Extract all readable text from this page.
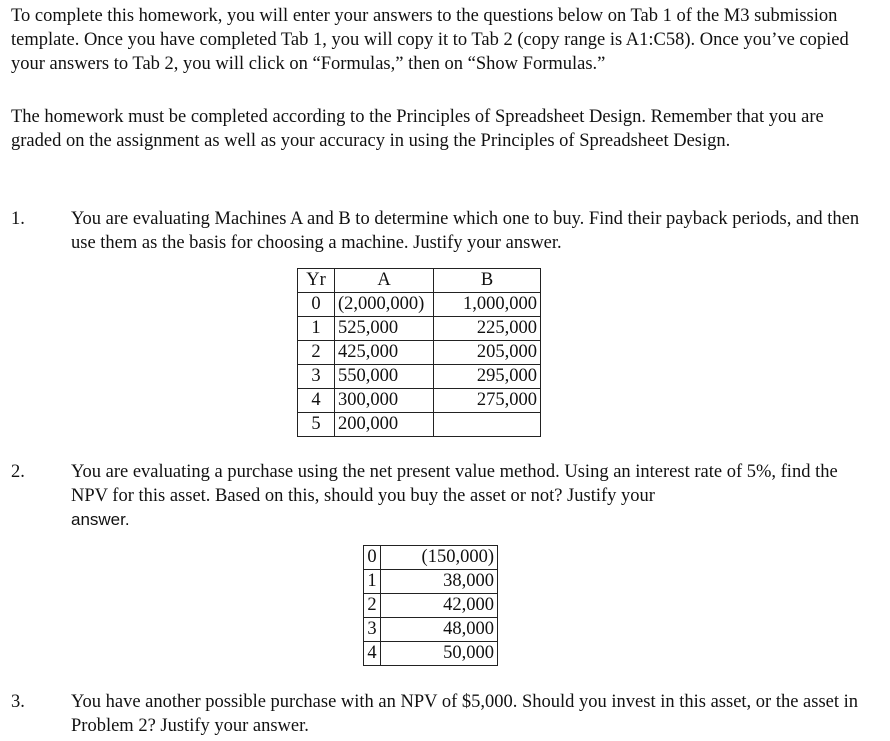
To complete this homework, you will enter your answers to the questions below on Tab 1 of the M3 submission template. Once you have completed Tab 1, you will copy it to Tab 2 (copy range is A1:C58). Once you’ve copied your answers to Tab 2, you will click on “Formulas,” then on “Show Formulas.”

The homework must be completed according to the Principles of Spreadsheet Design. Remember that you are graded on the assignment as well as your accuracy in using the Principles of Spreadsheet Design.

1. You are evaluating Machines A and B to determine which one to buy. Find their payback periods, and then use them as the basis for choosing a machine. Justify your answer.

Yr	A	B
0	(2,000,000)	1,000,000
1	525,000	225,000
2	425,000	205,000
3	550,000	295,000
4	300,000	275,000
5	200,000	
2. You are evaluating a purchase using the net present value method. Using an interest rate of 5%, find the NPV for this asset. Based on this, should you buy the asset or not? Justify your
answer.

0	(150,000)
1	38,000
2	42,000
3	48,000
4	50,000
3. You have another possible purchase with an NPV of $5,000. Should you invest in this asset, or the asset in Problem 2? Justify your answer.
